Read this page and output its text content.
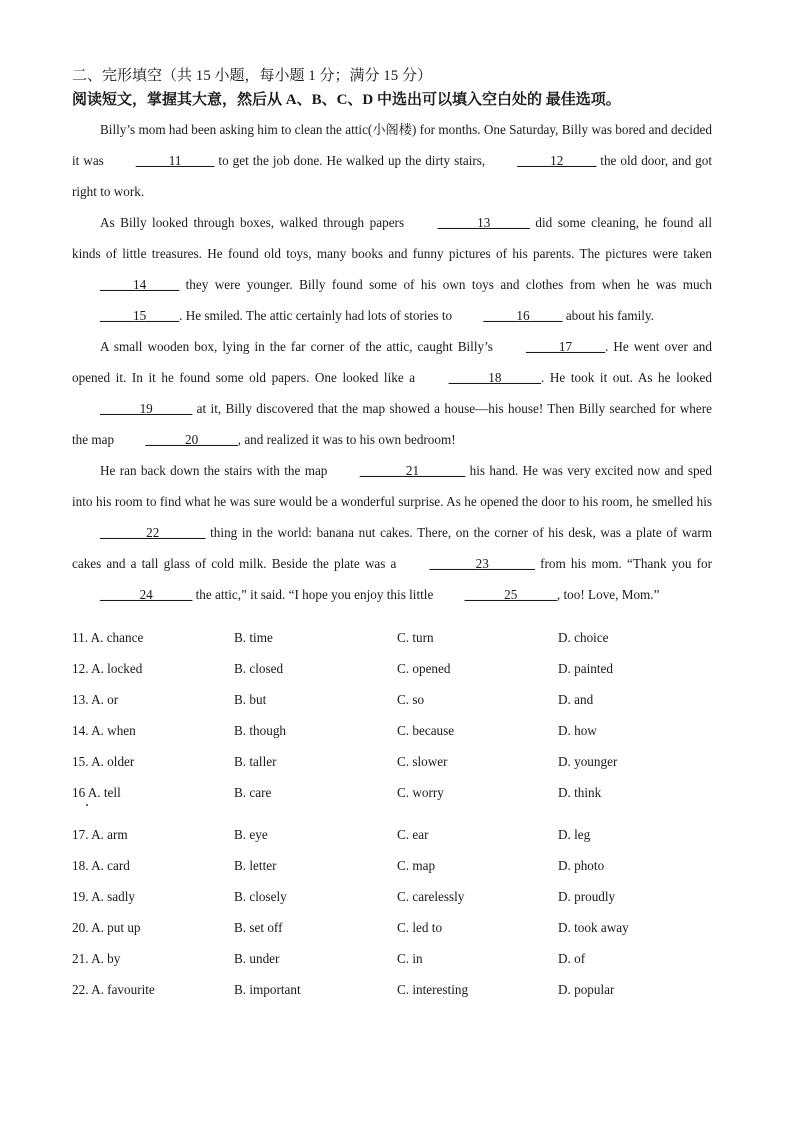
二、完形填空（共 15 小题，每小题 1 分；满分 15 分）

阅读短文，掌握其大意，然后从 A、B、C、D 中选出可以填入空白处的 最佳选项。

Billy’s mom had been asking him to clean the attic(小阁楼) for months. One Saturday, Billy was bored and decided it was _____11_____ to get the job done. He walked up the dirty stairs, _____12_____ the old door, and got right to work.

As Billy looked through boxes, walked through papers ______13______ did some cleaning, he found all kinds of little treasures. He found old toys, many books and funny pictures of his parents. The pictures were taken _____14_____ they were younger. Billy found some of his own toys and clothes from when he was much _____15_____. He smiled. The attic certainly had lots of stories to _____16_____ about his family.

A small wooden box, lying in the far corner of the attic, caught Billy’s _____17_____. He went over and opened it. In it he found some old papers. One looked like a ______18______. He took it out. As he looked ______19______ at it, Billy discovered that the map showed a house—his house! Then Billy searched for where the map ______20______, and realized it was to his own bedroom!

He ran back down the stairs with the map _______21_______ his hand. He was very excited now and sped into his room to find what he was sure would be a wonderful surprise. As he opened the door to his room, he smelled his _______22_______ thing in the world: banana nut cakes. There, on the corner of his desk, was a plate of warm cakes and a tall glass of cold milk. Beside the plate was a _______23_______ from his mom. “Thank you for ______24______ the attic,” it said. “I hope you enjoy this little ______25______, too! Love, Mom.”

11. A. chance	B. time	C. turn	D. choice
12. A. locked	B. closed	C. opened	D. painted
13. A. or	B. but	C. so	D. and
14. A. when	B. though	C. because	D. how
15. A. older	B. taller	C. slower	D. younger
16 A. tell	B. care	C. worry	D. think
17. A. arm	B. eye	C. ear	D. leg
18. A. card	B. letter	C. map	D. photo
19. A. sadly	B. closely	C. carelessly	D. proudly
20. A. put up	B. set off	C. led to	D. took away
21. A. by	B. under	C. in	D. of
22. A. favourite	B. important	C. interesting	D. popular
